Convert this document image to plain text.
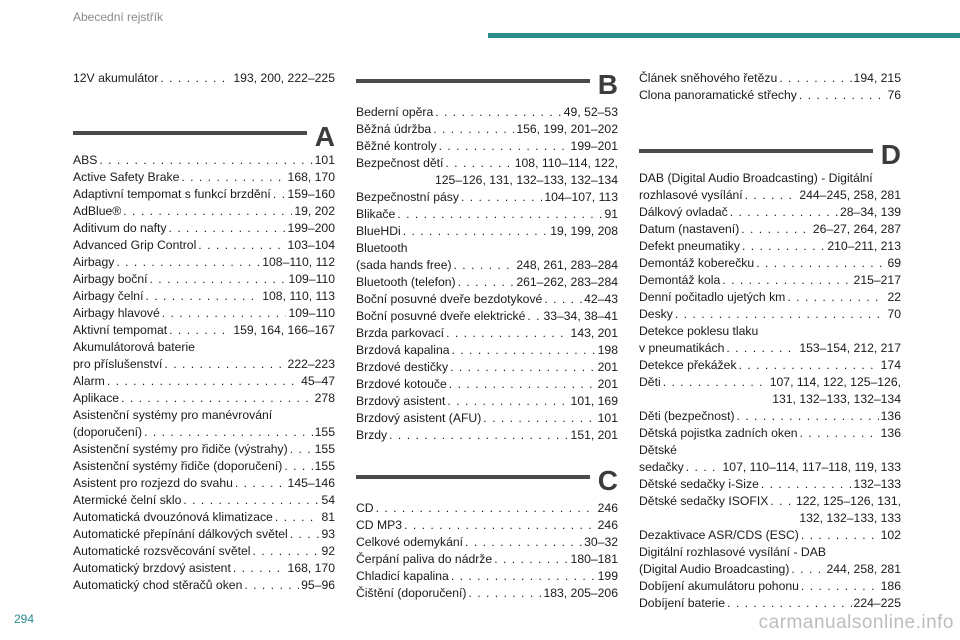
Abecední rejstřík
12V akumulátor . . .	193, 200, 222–225
A
ABS . . .	101
Active Safety Brake . . .	168, 170
Adaptivní tempomat s funkcí brzdění . . . 159–160
AdBlue® . . .	19, 202
Aditivum do nafty . . .	199–200
Advanced Grip Control . . .	103–104
Airbagy . . .	108–110, 112
Airbagy boční . . .	109–110
Airbagy čelní . . .	108, 110, 113
Airbagy hlavové . . .	109–110
Aktivní tempomat . . .	159, 164, 166–167
Akumulátorová baterie
pro příslušenství . . .	222–223
Alarm . . .	45–47
Aplikace . . .	278
Asistenční systémy pro manévrování
(doporučení) . . .	155
Asistenční systémy pro řidiče (výstrahy) . . . 155
Asistenční systémy řidiče (doporučení) . . .	155
Asistent pro rozjezd do svahu . . .	145–146
Atermické čelní sklo . . .	54
Automatická dvouzónová klimatizace . . .	81
Automatické přepínání dálkových světel . . .	93
Automatické rozsvěcování světel . . .	92
Automatický brzdový asistent . . .	168, 170
Automatický chod stěračů oken . . .	95–96
B
Bederní opěra . . .	49, 52–53
Běžná údržba . . .	156, 199, 201–202
Běžné kontroly . . .	199–201
Bezpečnost dětí . . .	108, 110–114, 122,
125–126, 131, 132–133, 132–134
Bezpečnostní pásy . . .	104–107, 113
Blikače . . .	91
BlueHDi . . .	19, 199, 208
Bluetooth
(sada hands free) . . .	248, 261, 283–284
Bluetooth (telefon) . . .	261–262, 283–284
Boční posuvné dveře bezdotykové . . .	42–43
Boční posuvné dveře elektrické . . . 33–34, 38–41
Brzda parkovací . . .	143, 201
Brzdová kapalina . . .	198
Brzdové destičky . . .	201
Brzdové kotouče . . .	201
Brzdový asistent . . .	101, 169
Brzdový asistent (AFU) . . .	101
Brzdy . . .	151, 201
C
CD . . .	246
CD MP3 . . .	246
Celkové odemykání . . .	30–32
Čerpání paliva do nádrže . . .	180–181
Chladicí kapalina . . .	199
Čištění (doporučení) . . .	183, 205–206
Článek sněhového řetězu . . .	194, 215
Clona panoramatické střechy . . .	76
D
DAB (Digital Audio Broadcasting) - Digitální
rozhlasové vysílání . . .	244–245, 258, 281
Dálkový ovladač . . .	28–34, 139
Datum (nastavení) . . .	26–27, 264, 287
Defekt pneumatiky . . .	210–211, 213
Demontáž koberečku . . .	69
Demontáž kola . . .	215–217
Denní počitadlo ujetých km . . .	22
Desky . . .	70
Detekce poklesu tlaku
v pneumatikách . . .	153–154, 212, 217
Detekce překážek . . .	174
Děti . . .	107, 114, 122, 125–126,
131, 132–133, 132–134
Děti (bezpečnost) . . .	136
Dětská pojistka zadních oken . . .	136
Dětské
sedačky . . .	107, 110–114, 117–118, 119, 133
Dětské sedačky i-Size . . .	132–133
Dětské sedačky ISOFIX . . . 122, 125–126, 131,
132, 132–133, 133
Dezaktivace ASR/CDS (ESC) . . .	102
Digitální rozhlasové vysílání - DAB
(Digital Audio Broadcasting) . . .	244, 258, 281
Dobíjení akumulátoru pohonu . . .	186
Dobíjení baterie . . .	224–225
294	carmanualsonline.info
